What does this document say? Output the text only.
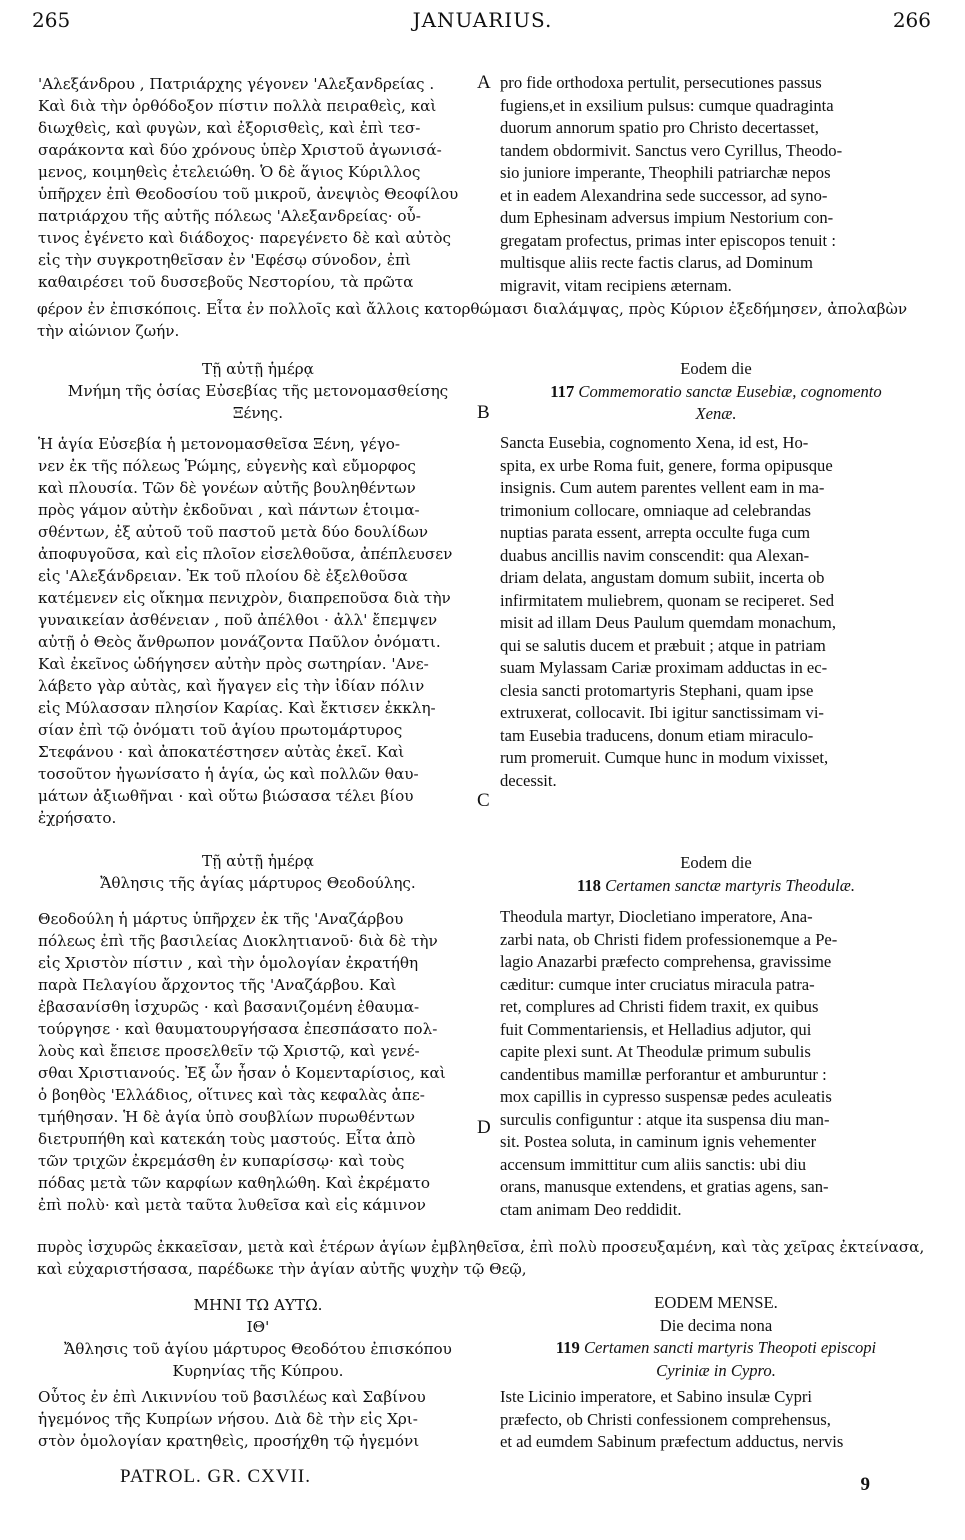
265	JANUARIUS.	266
'Αλεξάνδρου , Πατριάρχης γέγονεν 'Αλεξανδρείας .
Καὶ διὰ τὴν ὀρθόδοξον πίστιν πολλὰ πειραθεὶς, καὶ
διωχθεὶς, καὶ φυγὼν, καὶ ἐξορισθεὶς, καὶ ἐπὶ τεσ-
σαράκοντα καὶ δύο χρόνους ὑπὲρ Χριστοῦ ἀγωνισά-
μενος, κοιμηθεὶς ἐτελειώθη. Ὁ δὲ ἅγιος Κύριλλος
ὑπῆρχεν ἐπὶ Θεοδοσίου τοῦ μικροῦ, ἀνεψιὸς Θεοφίλου
πατριάρχου τῆς αὐτῆς πόλεως 'Αλεξανδρείας· οὗ-
τινος ἐγένετο καὶ διάδοχος· παρεγένετο δὲ καὶ αὐτὸς
εἰς τὴν συγκροτηθεῖσαν ἐν 'Εφέσῳ σύνοδον, ἐπὶ
καθαιρέσει τοῦ δυσσεβοῦς Νεστορίου, τὰ πρῶτα
A pro fide orthodoxa pertulit, persecutiones passus
fugiens,et in exsilium pulsus: cumque quadraginta
duorum annorum spatio pro Christo decertasset,
tandem obdormivit. Sanctus vero Cyrillus, Theodo-
sio juniore imperante, Theophili patriarchæ nepos
et in eadem Alexandrina sede successor, ad syno-
dum Ephesinam adversus impium Nestorium con-
gregatam profectus, primas inter episcopos tenuit :
multisque aliis recte factis clarus, ad Dominum
migravit, vitam recipiens æternam.
φέρον ἐν ἐπισκόποις. Εἶτα ἐν πολλοῖς καὶ ἄλλοις κατορθώμασι διαλάμψας, πρὸς Κύριον ἐξεδήμησεν, ἀπολαβὼν
τὴν αἰώνιον ζωήν.
Τῇ αὐτῇ ἡμέρᾳ
Μνήμη τῆς ὁσίας Εὐσεβίας τῆς μετονομασθείσης
Ξένης.	B
Eodem die
117 Commemoratio sanctæ Eusebiæ, cognomento
Xenæ.
Ἡ ἁγία Εὐσεβία ἡ μετονομασθεῖσα Ξένη, γέγο-
νεν ἐκ τῆς πόλεως Ῥώμης, εὐγενὴς καὶ εὔμορφος
καὶ πλουσία. Τῶν δὲ γονέων αὐτῆς βουληθέντων
πρὸς γάμον αὐτὴν ἐκδοῦναι , καὶ πάντων ἑτοιμα-
σθέντων, ἐξ αὐτοῦ τοῦ παστοῦ μετὰ δύο δουλίδων
ἀποφυγοῦσα, καὶ εἰς πλοῖον εἰσελθοῦσα, ἀπέπλευσεν
εἰς 'Αλεξάνδρειαν. Ἐκ τοῦ πλοίου δὲ ἐξελθοῦσα
κατέμενεν εἰς οἴκημα πενιχρὸν, διαπρεποῦσα διὰ τὴν
γυναικείαν ἀσθένειαν , ποῦ ἀπέλθοι · ἀλλ' ἔπεμψεν
αὐτῇ ὁ Θεὸς ἄνθρωπον μονάζοντα Παῦλον ὀνόματι.
Καὶ ἐκεῖνος ὡδήγησεν αὐτὴν πρὸς σωτηρίαν. 'Ανε-
λάβετο γὰρ αὐτὰς, καὶ ἤγαγεν εἰς τὴν ἰδίαν πόλιν
εἰς Μύλασσαν πλησίον Καρίας. Καὶ ἔκτισεν ἐκκλη-
σίαν ἐπὶ τῷ ὀνόματι τοῦ ἁγίου πρωτομάρτυρος
Στεφάνου · καὶ ἀποκατέστησεν αὐτὰς ἐκεῖ. Καὶ
τοσοῦτον ἠγωνίσατο ἡ ἁγία, ὡς καὶ πολλῶν θαυ-
μάτων ἀξιωθῆναι · καὶ οὕτω βιώσασα τέλει βίου
ἐχρήσατο.
C
Sancta Eusebia, cognomento Xena, id est, Ho-
spita, ex urbe Roma fuit, genere, forma opipusque
insignis. Cum autem parentes vellent eam in ma-
trimonium collocare, omniaque ad celebrandas
nuptias parata essent, arrepta occulte fuga cum
duabus ancillis navim conscendit: qua Alexan-
driam delata, angustam domum subiit, incerta ob
infirmitatem muliebrem, quonam se reciperet. Sed
misit ad illam Deus Paulum quemdam monachum,
qui se salutis ducem et præbuit ; atque in patriam
suam Mylassam Cariæ proximam adductas in ec-
clesia sancti protomartyris Stephani, quam ipse
extruxerat, collocavit. Ibi igitur sanctissimam vi-
tam Eusebia traducens, donum etiam miraculo-
rum promeruit. Cumque hunc in modum vixisset,
decessit.
Τῇ αὐτῇ ἡμέρᾳ
Ἄθλησις τῆς ἁγίας μάρτυρος Θεοδούλης.
Eodem die
118 Certamen sanctæ martyris Theodulæ.
Θεοδούλη ἡ μάρτυς ὑπῆρχεν ἐκ τῆς 'Αναζάρβου
πόλεως ἐπὶ τῆς βασιλείας Διοκλητιανοῦ· διὰ δὲ τὴν
εἰς Χριστὸν πίστιν , καὶ τὴν ὁμολογίαν ἐκρατήθη
παρὰ Πελαγίου ἄρχοντος τῆς 'Αναζάρβου. Καὶ
ἐβασανίσθη ἰσχυρῶς · καὶ βασανιζομένη ἐθαυμα-
τούργησε · καὶ θαυματουργήσασα ἐπεσπάσατο πολ-
λοὺς καὶ ἔπεισε προσελθεῖν τῷ Χριστῷ, καὶ γενέ-
σθαι Χριστιανούς. Ἐξ ὧν ἦσαν ὁ Κομενταρίσιος, καὶ
ὁ βοηθὸς 'Ελλάδιος, οἵτινες καὶ τὰς κεφαλὰς ἀπε-
τμήθησαν. Ἡ δὲ ἁγία ὑπὸ σουβλίων πυρωθέντων
διετρυπήθη καὶ κατεκάη τοὺς μαστούς. Εἶτα ἀπὸ
τῶν τριχῶν ἐκρεμάσθη ἐν κυπαρίσσῳ· καὶ τοὺς
πόδας μετὰ τῶν καρφίων καθηλώθη. Καὶ ἐκρέματο
ἐπὶ πολὺ· καὶ μετὰ ταῦτα λυθεῖσα καὶ εἰς κάμινον
D
Theodula martyr, Diocletiano imperatore, Ana-
zarbi nata, ob Christi fidem professionemque a Pe-
lagio Anazarbi præfecto comprehensa, gravissime
cæditur: cumque inter cruciatus miracula patra-
ret, complures ad Christi fidem traxit, ex quibus
fuit Commentariensis, et Helladius adjutor, qui
capite plexi sunt. At Theodulæ primum subulis
candentibus mamillæ perforantur et amburuntur :
mox capillis in cypresso suspensæ pedes aculeatis
surculis configuntur : atque ita suspensa diu man-
sit. Postea soluta, in caminum ignis vehementer
accensum immittitur cum aliis sanctis: ubi diu
orans, manusque extendens, et gratias agens, san-
ctam animam Deo reddidit.
πυρὸς ἰσχυρῶς ἐκκαεῖσαν, μετὰ καὶ ἑτέρων ἁγίων ἐμβληθεῖσα, ἐπὶ πολὺ προσευξαμένη, καὶ τὰς χεῖρας ἐκτείνασα,
καὶ εὐχαριστήσασα, παρέδωκε τὴν ἁγίαν αὐτῆς ψυχὴν τῷ Θεῷ,
ΜΗΝΙ ΤΩ ΑΥΤΩ.
ΙΘ'
Ἄθλησις τοῦ ἁγίου μάρτυρος Θεοδότου ἐπισκόπου
Κυρηνίας τῆς Κύπρου.
EODEM MENSE.
Die decima nona
119 Certamen sancti martyris Theopoti episcopi
Cyriniæ in Cypro.
Οὗτος ἐν ἐπὶ Λικιννίου τοῦ βασιλέως καὶ Σαβίνου
ἡγεμόνος τῆς Κυπρίων νήσου. Διὰ δὲ τὴν εἰς Χρι-
στὸν ὁμολογίαν κρατηθεὶς, προσήχθη τῷ ἡγεμόνι
Iste Licinio imperatore, et Sabino insulæ Cypri
præfecto, ob Christi confessionem comprehensus,
et ad eumdem Sabinum præfectum adductus, nervis
PATROL. GR. CXVII.	9
